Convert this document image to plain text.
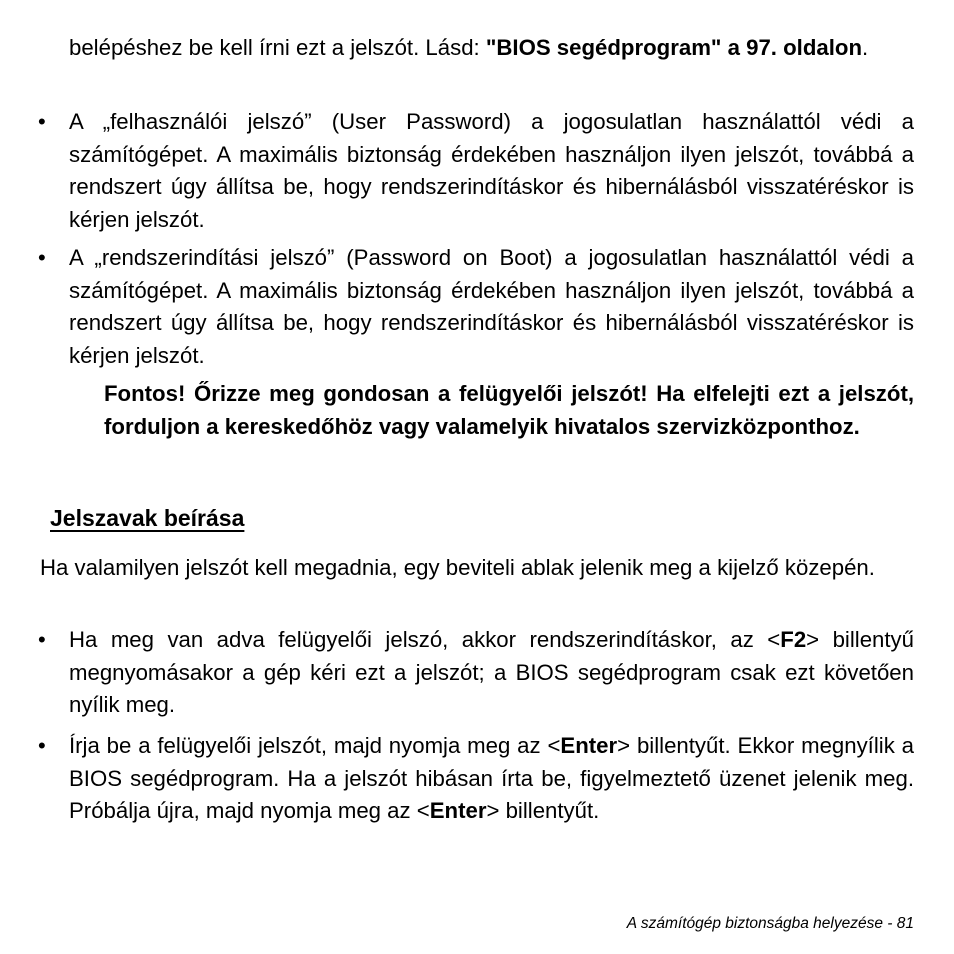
belépéshez be kell írni ezt a jelszót. Lásd: "BIOS segédprogram" a 97. oldalon.

• A „felhasználói jelszó” (User Password) a jogosulatlan használattól védi a számítógépet. A maximális biztonság érdekében használjon ilyen jelszót, továbbá a rendszert úgy állítsa be, hogy rendszerindításkor és hibernálásból visszatéréskor is kérjen jelszót.

• A „rendszerindítási jelszó” (Password on Boot) a jogosulatlan használattól védi a számítógépet. A maximális biztonság érdekében használjon ilyen jelszót, továbbá a rendszert úgy állítsa be, hogy rendszerindításkor és hibernálásból visszatéréskor is kérjen jelszót.

Fontos! Őrizze meg gondosan a felügyelői jelszót! Ha elfelejti ezt a jelszót, forduljon a kereskedőhöz vagy valamelyik hivatalos szervizközponthoz.

Jelszavak beírása

Ha valamilyen jelszót kell megadnia, egy beviteli ablak jelenik meg a kijelző közepén.

• Ha meg van adva felügyelői jelszó, akkor rendszerindításkor, az <F2> billentyű megnyomásakor a gép kéri ezt a jelszót; a BIOS segédprogram csak ezt követően nyílik meg.

• Írja be a felügyelői jelszót, majd nyomja meg az <Enter> billentyűt. Ekkor megnyílik a BIOS segédprogram. Ha a jelszót hibásan írta be, figyelmeztető üzenet jelenik meg. Próbálja újra, majd nyomja meg az <Enter> billentyűt.

A számítógép biztonságba helyezése - 81
